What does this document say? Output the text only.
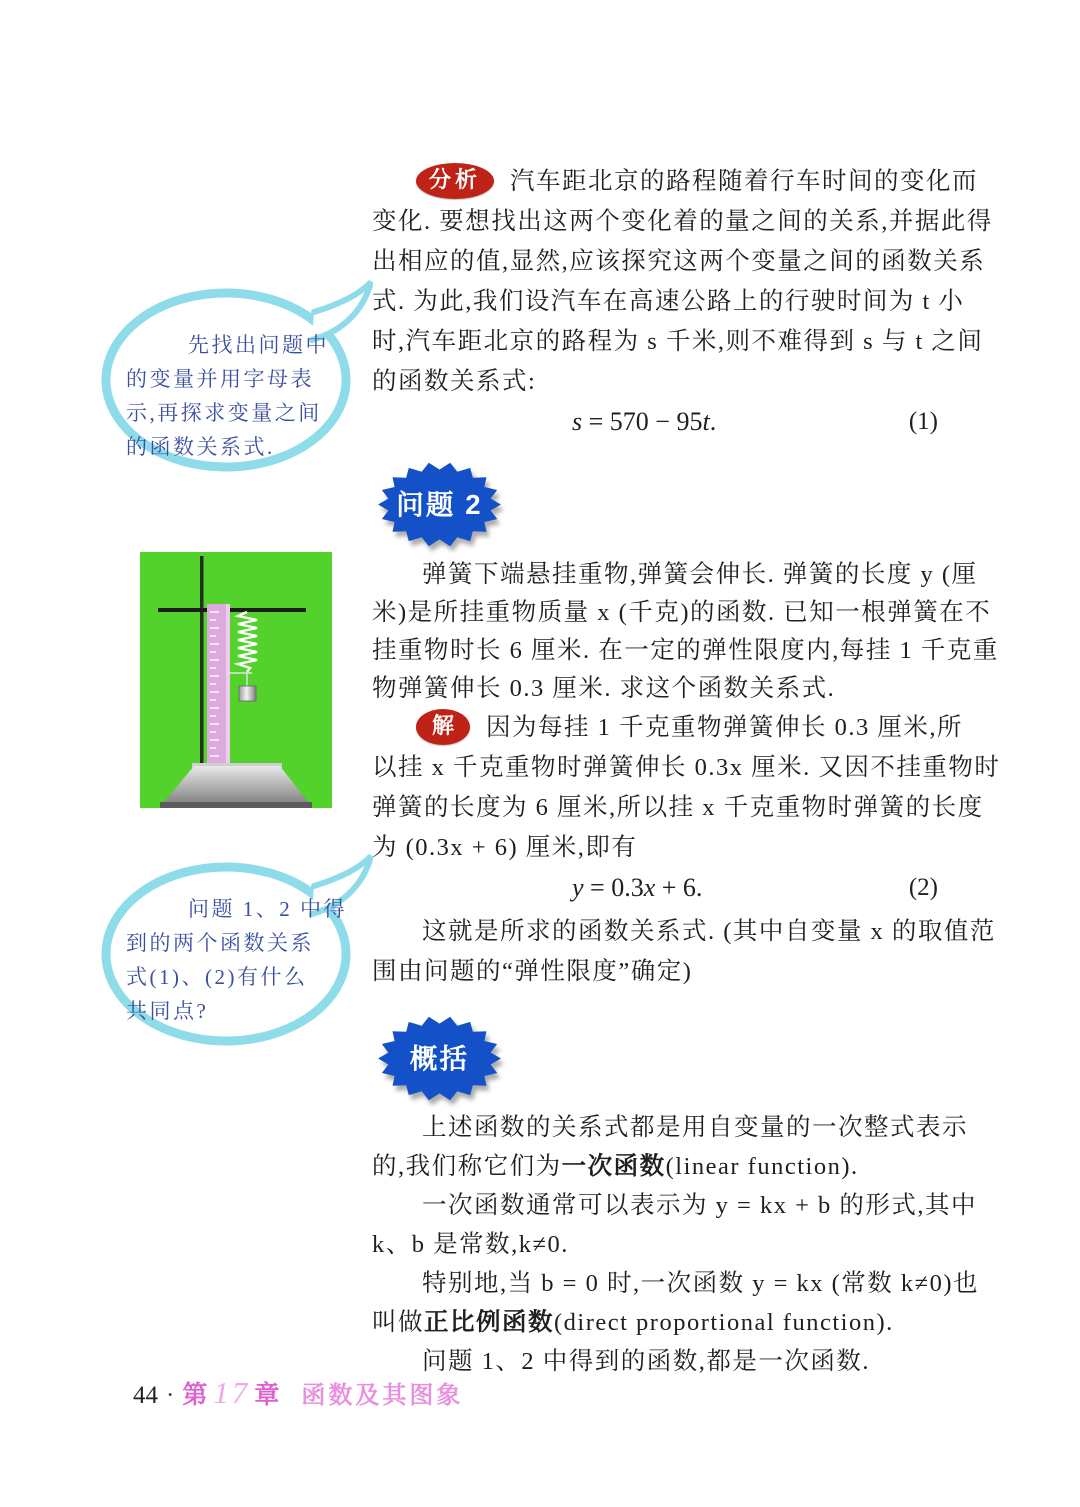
先找出问题中
的变量并用字母表
示,再探求变量之间
的函数关系式.
问题 1、2 中得
到的两个函数关系
式(1)、(2)有什么
共同点?
分析 汽车距北京的路程随着行车时间的变化而
变化. 要想找出这两个变化着的量之间的关系,并据此得
出相应的值,显然,应该探究这两个变量之间的函数关系
式. 为此,我们设汽车在高速公路上的行驶时间为 t 小
时,汽车距北京的路程为 s 千米,则不难得到 s 与 t 之间
的函数关系式:
s = 570 − 95t.	(1)
问题 2
弹簧下端悬挂重物,弹簧会伸长. 弹簧的长度 y (厘
米)是所挂重物质量 x (千克)的函数. 已知一根弹簧在不
挂重物时长 6 厘米. 在一定的弹性限度内,每挂 1 千克重
物弹簧伸长 0.3 厘米. 求这个函数关系式.
解 因为每挂 1 千克重物弹簧伸长 0.3 厘米,所
以挂 x 千克重物时弹簧伸长 0.3x 厘米. 又因不挂重物时
弹簧的长度为 6 厘米,所以挂 x 千克重物时弹簧的长度
为 (0.3x + 6) 厘米,即有
y = 0.3x + 6.	(2)
这就是所求的函数关系式. (其中自变量 x 的取值范
围由问题的“弹性限度”确定)
概括
上述函数的关系式都是用自变量的一次整式表示
的,我们称它们为一次函数(linear function).
一次函数通常可以表示为 y = kx + b 的形式,其中
k、b 是常数,k≠0.
特别地,当 b = 0 时,一次函数 y = kx (常数 k≠0)也
叫做正比例函数(direct proportional function).
问题 1、2 中得到的函数,都是一次函数.
44 · 第 17 章 函数及其图象
